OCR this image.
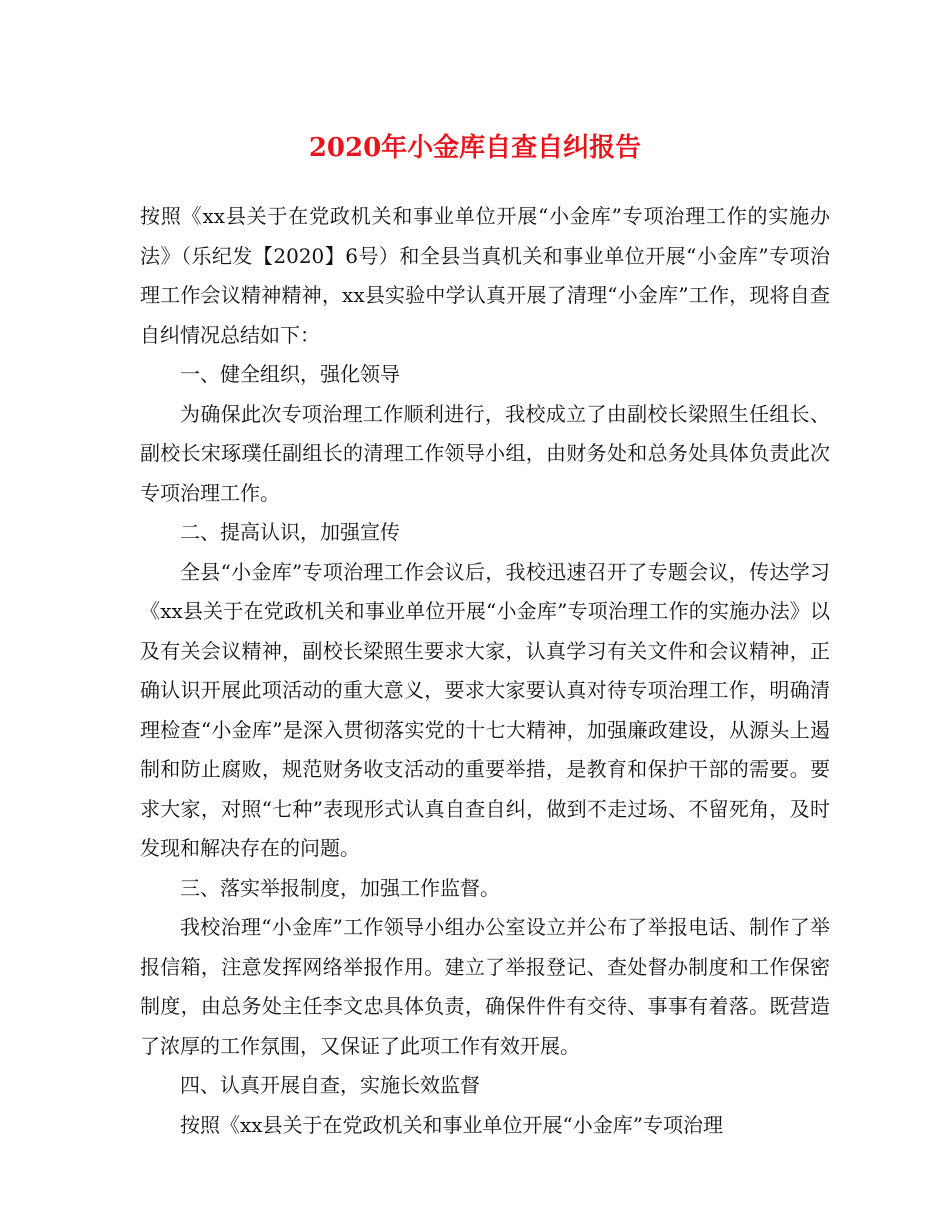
2020年小金库自查自纠报告

按照《xx县关于在党政机关和事业单位开展“小金库”专项治理工作的实施办法》（乐纪发【2020】6号）和全县当真机关和事业单位开展“小金库”专项治理工作会议精神精神，xx县实验中学认真开展了清理“小金库”工作，现将自查自纠情况总结如下：

一、健全组织，强化领导

为确保此次专项治理工作顺利进行，我校成立了由副校长梁照生任组长、副校长宋琢璞任副组长的清理工作领导小组，由财务处和总务处具体负责此次专项治理工作。

二、提高认识，加强宣传

全县“小金库”专项治理工作会议后，我校迅速召开了专题会议，传达学习《xx县关于在党政机关和事业单位开展“小金库”专项治理工作的实施办法》以及有关会议精神，副校长梁照生要求大家，认真学习有关文件和会议精神，正确认识开展此项活动的重大意义，要求大家要认真对待专项治理工作，明确清理检查“小金库”是深入贯彻落实党的十七大精神，加强廉政建设，从源头上遏制和防止腐败，规范财务收支活动的重要举措，是教育和保护干部的需要。要求大家，对照“七种”表现形式认真自查自纠，做到不走过场、不留死角，及时发现和解决存在的问题。

三、落实举报制度，加强工作监督。

我校治理“小金库”工作领导小组办公室设立并公布了举报电话、制作了举报信箱，注意发挥网络举报作用。建立了举报登记、查处督办制度和工作保密制度，由总务处主任李文忠具体负责，确保件件有交待、事事有着落。既营造了浓厚的工作氛围，又保证了此项工作有效开展。

四、认真开展自查，实施长效监督

按照《xx县关于在党政机关和事业单位开展“小金库”专项治理
